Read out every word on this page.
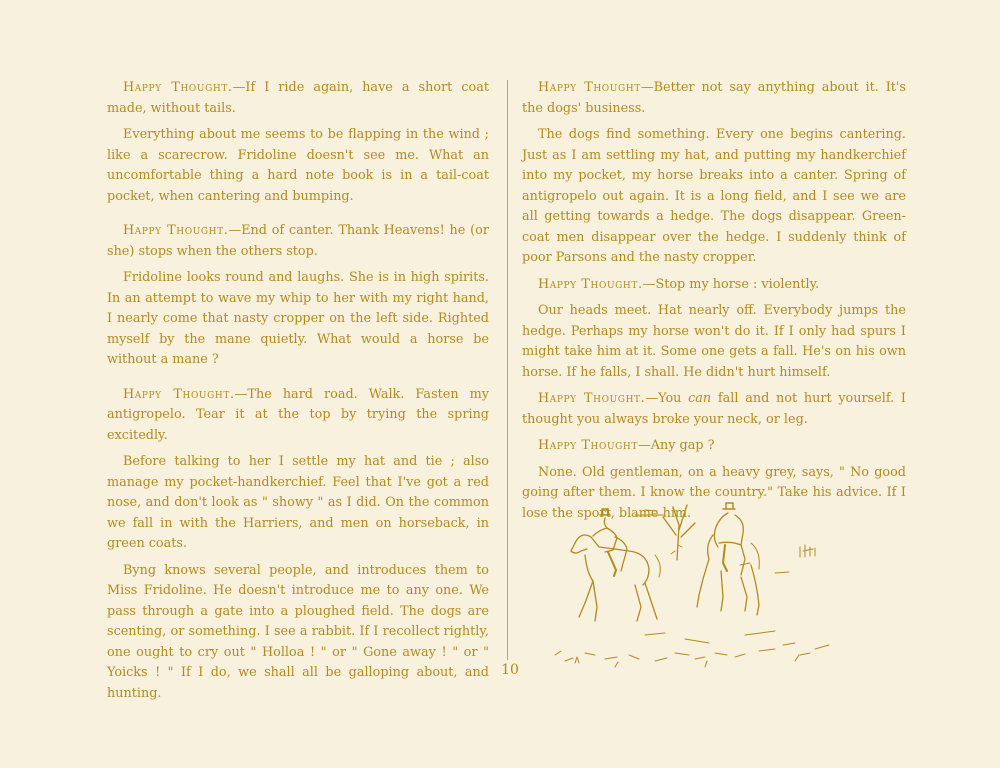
Happy Thought.—If I ride again, have a short coat made, without tails.

Everything about me seems to be flapping in the wind ; like a scarecrow. Fridoline doesn't see me. What an uncomfortable thing a hard note book is in a tail-coat pocket, when cantering and bumping.

Happy Thought.—End of canter. Thank Heavens! he (or she) stops when the others stop.

Fridoline looks round and laughs. She is in high spirits. In an attempt to wave my whip to her with my right hand, I nearly come that nasty cropper on the left side. Righted myself by the mane quietly. What would a horse be without a mane ?

Happy Thought.—The hard road. Walk. Fasten my antigropelo. Tear it at the top by trying the spring excitedly.

Before talking to her I settle my hat and tie ; also manage my pocket-handkerchief. Feel that I've got a red nose, and don't look as " showy " as I did. On the common we fall in with the Harriers, and men on horseback, in green coats.

Byng knows several people, and introduces them to Miss Fridoline. He doesn't introduce me to any one. We pass through a gate into a ploughed field. The dogs are scenting, or something. I see a rabbit. If I recollect rightly, one ought to cry out " Holloa ! " or " Gone away ! " or " Yoicks ! " If I do, we shall all be galloping about, and hunting.

Happy Thought—Better not say anything about it. It's the dogs' business.

The dogs find something. Every one begins cantering. Just as I am settling my hat, and putting my handkerchief into my pocket, my horse breaks into a canter. Spring of antigropelo out again. It is a long field, and I see we are all getting towards a hedge. The dogs disappear. Green-coat men disappear over the hedge. I suddenly think of poor Parsons and the nasty cropper.

Happy Thought.—Stop my horse : violently.

Our heads meet. Hat nearly off. Everybody jumps the hedge. Perhaps my horse won't do it. If I only had spurs I might take him at it. Some one gets a fall. He's on his own horse. If he falls, I shall. He didn't hurt himself.

Happy Thought.—You can fall and not hurt yourself. I thought you always broke your neck, or leg.

Happy Thought—Any gap ?

None. Old gentleman, on a heavy grey, says, " No good going after them. I know the country." Take his advice. If I lose the sport, blame him.

10
